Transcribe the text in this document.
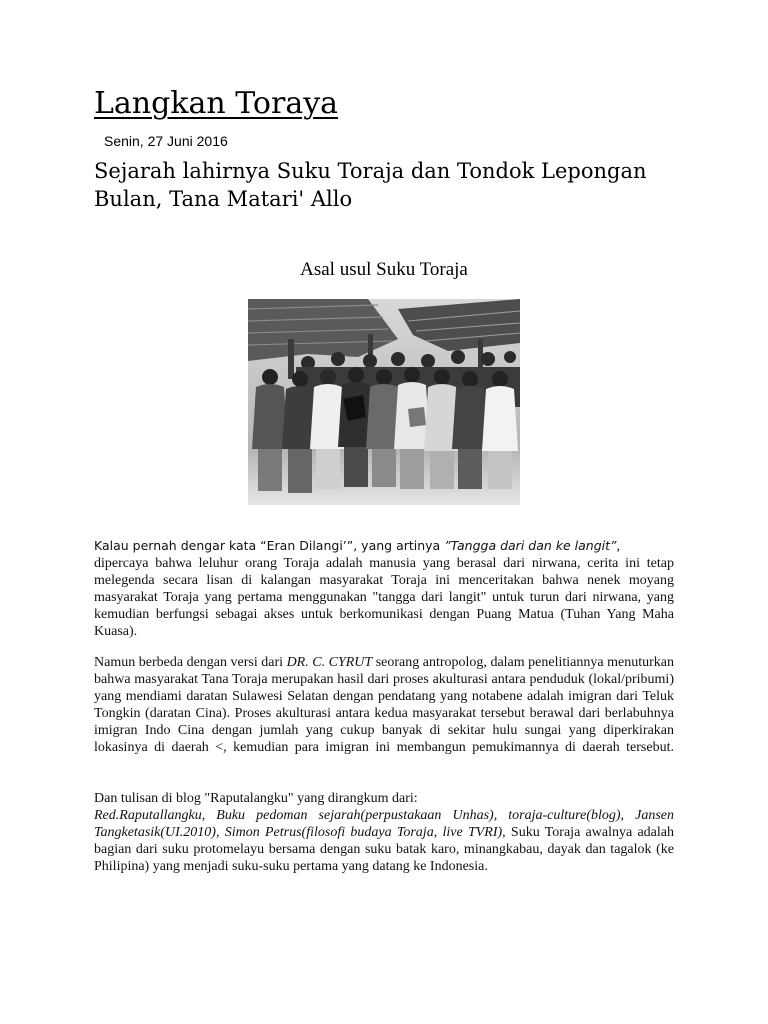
Langkan Toraya
Senin, 27 Juni 2016
Sejarah lahirnya Suku Toraja dan Tondok Lepongan Bulan, Tana Matari' Allo
Asal usul Suku Toraja

Kalau pernah dengar kata “Eran Dilangi’”, yang artinya ”Tangga dari dan ke langit”,
dipercaya bahwa leluhur orang Toraja adalah manusia yang berasal dari nirwana, cerita ini tetap melegenda secara lisan di kalangan masyarakat Toraja ini menceritakan bahwa nenek moyang masyarakat Toraja yang pertama menggunakan "tangga dari langit" untuk turun dari nirwana, yang kemudian berfungsi sebagai akses untuk berkomunikasi dengan Puang Matua (Tuhan Yang Maha Kuasa).

Namun berbeda dengan versi dari DR. C. CYRUT seorang antropolog, dalam penelitiannya menuturkan bahwa masyarakat Tana Toraja merupakan hasil dari proses akulturasi antara penduduk (lokal/pribumi) yang mendiami daratan Sulawesi Selatan dengan pendatang yang notabene adalah imigran dari Teluk Tongkin (daratan Cina). Proses akulturasi antara kedua masyarakat tersebut berawal dari berlabuhnya imigran Indo Cina dengan jumlah yang cukup banyak di sekitar hulu sungai yang diperkirakan lokasinya di daerah <, kemudian para imigran ini membangun pemukimannya di daerah tersebut.

Dan tulisan di blog "Raputalangku" yang dirangkum dari:
Red.Raputallangku, Buku pedoman sejarah(perpustakaan Unhas), toraja-culture(blog), Jansen Tangketasik(UI.2010), Simon Petrus(filosofi budaya Toraja, live TVRI), Suku Toraja awalnya adalah bagian dari suku protomelayu bersama dengan suku batak karo, minangkabau, dayak dan tagalok (ke Philipina) yang menjadi suku-suku pertama yang datang ke Indonesia.
